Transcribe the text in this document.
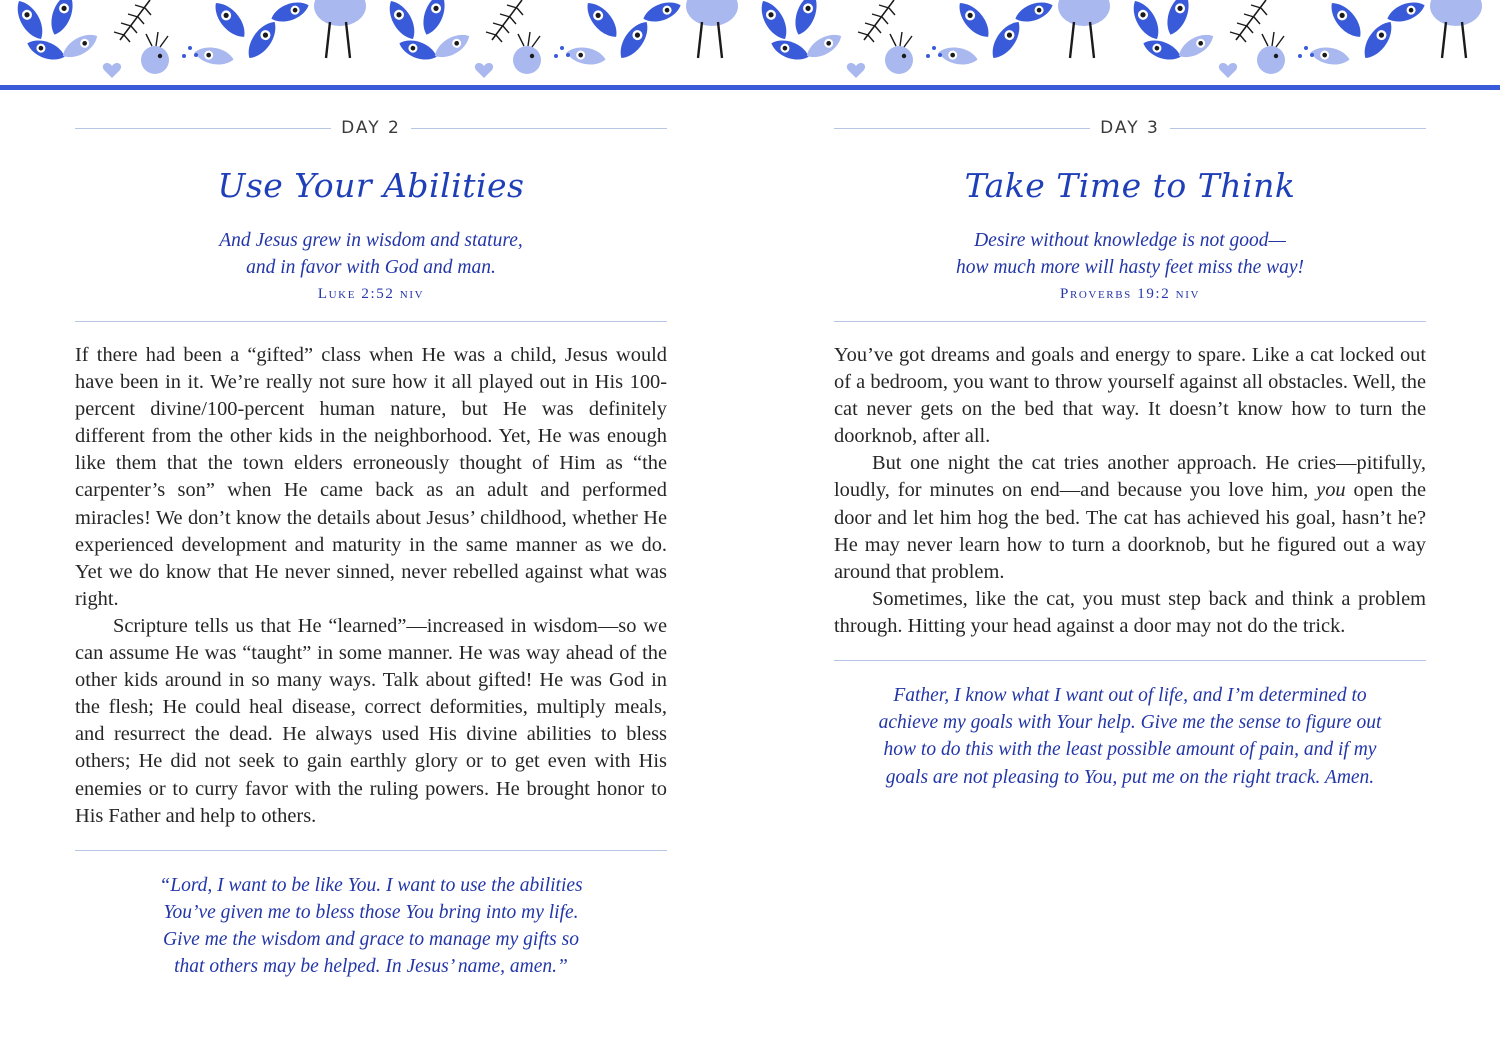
DAY 2
Use Your Abilities
And Jesus grew in wisdom and stature,
and in favor with God and man.
Luke 2:52 niv

If there had been a “gifted” class when He was a child, Jesus would have been in it. We’re really not sure how it all played out in His 100-percent divine/100-percent human nature, but He was definitely different from the other kids in the neighborhood. Yet, He was enough like them that the town elders erroneously thought of Him as “the carpenter’s son” when He came back as an adult and performed miracles! We don’t know the details about Jesus’ childhood, whether He experienced development and maturity in the same manner as we do. Yet we do know that He never sinned, never rebelled against what was right.

Scripture tells us that He “learned”—increased in wisdom—so we can assume He was “taught” in some manner. He was way ahead of the other kids around in so many ways. Talk about gifted! He was God in the flesh; He could heal disease, correct deformities, multiply meals, and resurrect the dead. He always used His divine abilities to bless others; He did not seek to gain earthly glory or to get even with His enemies or to curry favor with the ruling powers. He brought honor to His Father and help to others.

“Lord, I want to be like You. I want to use the abilities
You’ve given me to bless those You bring into my life.
Give me the wisdom and grace to manage my gifts so
that others may be helped. In Jesus’ name, amen.”
DAY 3
Take Time to Think
Desire without knowledge is not good—
how much more will hasty feet miss the way!
Proverbs 19:2 niv

You’ve got dreams and goals and energy to spare. Like a cat locked out of a bedroom, you want to throw yourself against all obstacles. Well, the cat never gets on the bed that way. It doesn’t know how to turn the doorknob, after all.

But one night the cat tries another approach. He cries—pitifully, loudly, for minutes on end—and because you love him, you open the door and let him hog the bed. The cat has achieved his goal, hasn’t he? He may never learn how to turn a doorknob, but he figured out a way around that problem.

Sometimes, like the cat, you must step back and think a problem through. Hitting your head against a door may not do the trick.

Father, I know what I want out of life, and I’m determined to
achieve my goals with Your help. Give me the sense to figure out
how to do this with the least possible amount of pain, and if my
goals are not pleasing to You, put me on the right track. Amen.
